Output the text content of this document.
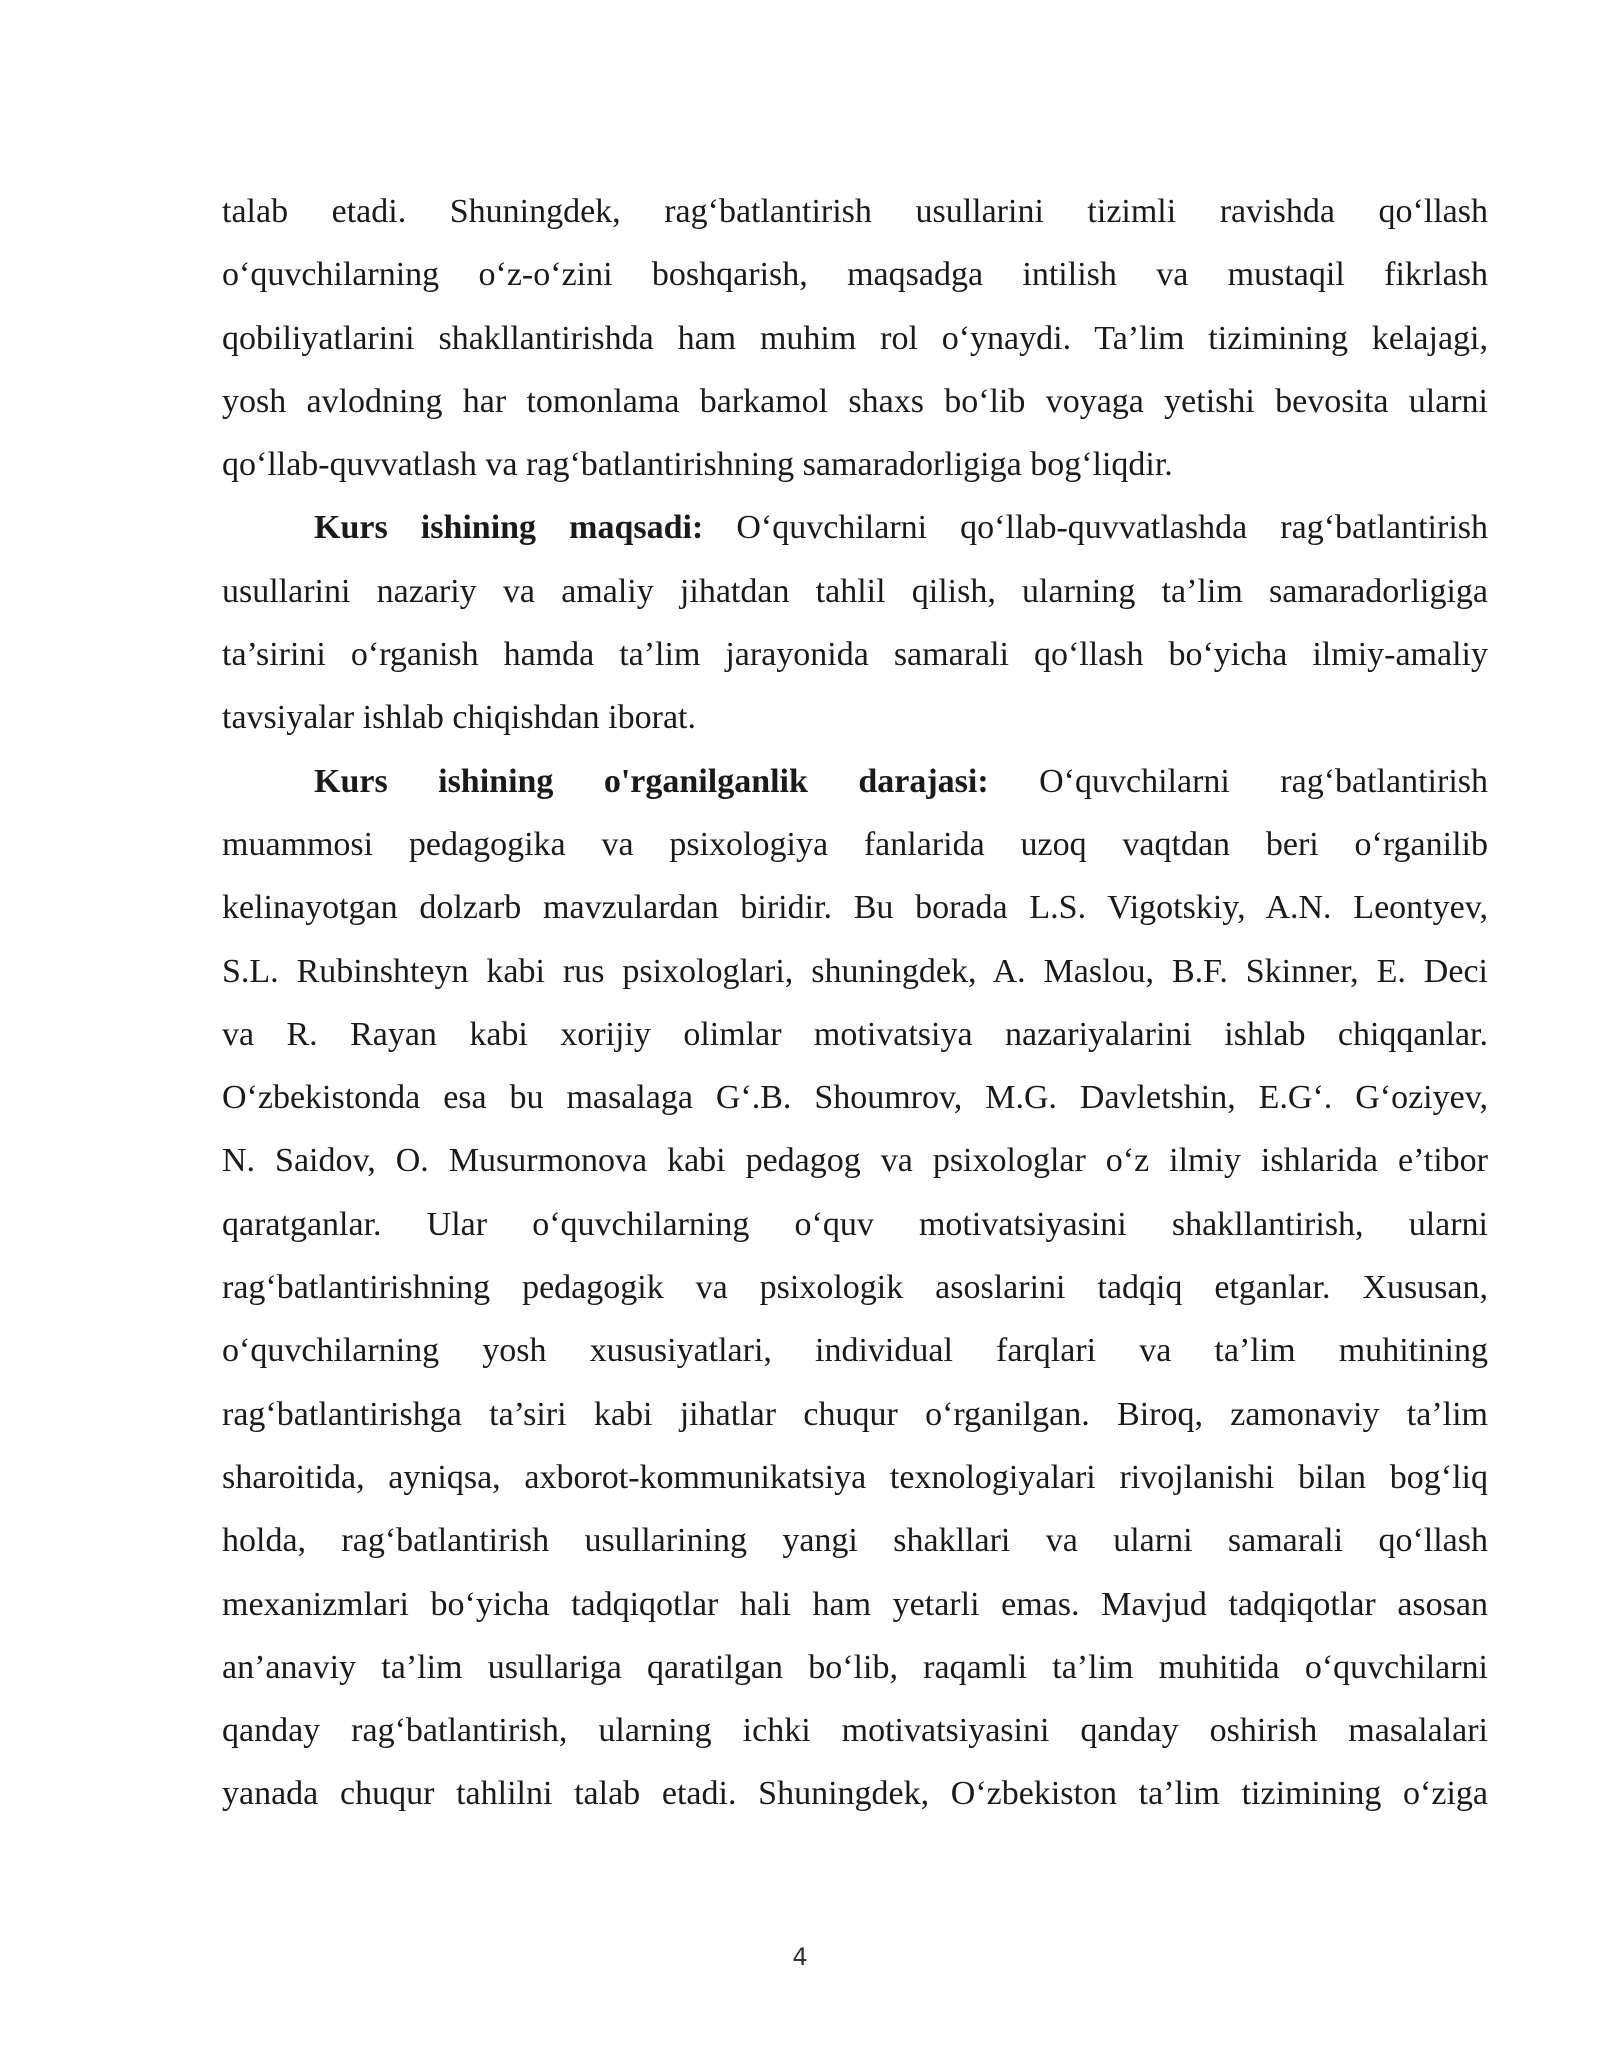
talab etadi. Shuningdek, rag‘batlantirish usullarini tizimli ravishda qo‘llash
o‘quvchilarning o‘z-o‘zini boshqarish, maqsadga intilish va mustaqil fikrlash
qobiliyatlarini shakllantirishda ham muhim rol o‘ynaydi. Ta’lim tizimining kelajagi,
yosh avlodning har tomonlama barkamol shaxs bo‘lib voyaga yetishi bevosita ularni
qo‘llab-quvvatlash va rag‘batlantirishning samaradorligiga bog‘liqdir.
Kurs ishining maqsadi: O‘quvchilarni qo‘llab-quvvatlashda rag‘batlantirish
usullarini nazariy va amaliy jihatdan tahlil qilish, ularning ta’lim samaradorligiga
ta’sirini o‘rganish hamda ta’lim jarayonida samarali qo‘llash bo‘yicha ilmiy-amaliy
tavsiyalar ishlab chiqishdan iborat.
Kurs ishining o'rganilganlik darajasi: O‘quvchilarni rag‘batlantirish
muammosi pedagogika va psixologiya fanlarida uzoq vaqtdan beri o‘rganilib
kelinayotgan dolzarb mavzulardan biridir. Bu borada L.S. Vigotskiy, A.N. Leontyev,
S.L. Rubinshteyn kabi rus psixologlari, shuningdek, A. Maslou, B.F. Skinner, E. Deci
va R. Rayan kabi xorijiy olimlar motivatsiya nazariyalarini ishlab chiqqanlar.
O‘zbekistonda esa bu masalaga G‘.B. Shoumrov, M.G. Davletshin, E.G‘. G‘oziyev,
N. Saidov, O. Musurmonova kabi pedagog va psixologlar o‘z ilmiy ishlarida e’tibor
qaratganlar. Ular o‘quvchilarning o‘quv motivatsiyasini shakllantirish, ularni
rag‘batlantirishning pedagogik va psixologik asoslarini tadqiq etganlar. Xususan,
o‘quvchilarning yosh xususiyatlari, individual farqlari va ta’lim muhitining
rag‘batlantirishga ta’siri kabi jihatlar chuqur o‘rganilgan. Biroq, zamonaviy ta’lim
sharoitida, ayniqsa, axborot-kommunikatsiya texnologiyalari rivojlanishi bilan bog‘liq
holda, rag‘batlantirish usullarining yangi shakllari va ularni samarali qo‘llash
mexanizmlari bo‘yicha tadqiqotlar hali ham yetarli emas. Mavjud tadqiqotlar asosan
an’anaviy ta’lim usullariga qaratilgan bo‘lib, raqamli ta’lim muhitida o‘quvchilarni
qanday rag‘batlantirish, ularning ichki motivatsiyasini qanday oshirish masalalari
yanada chuqur tahlilni talab etadi. Shuningdek, O‘zbekiston ta’lim tizimining o‘ziga
4
